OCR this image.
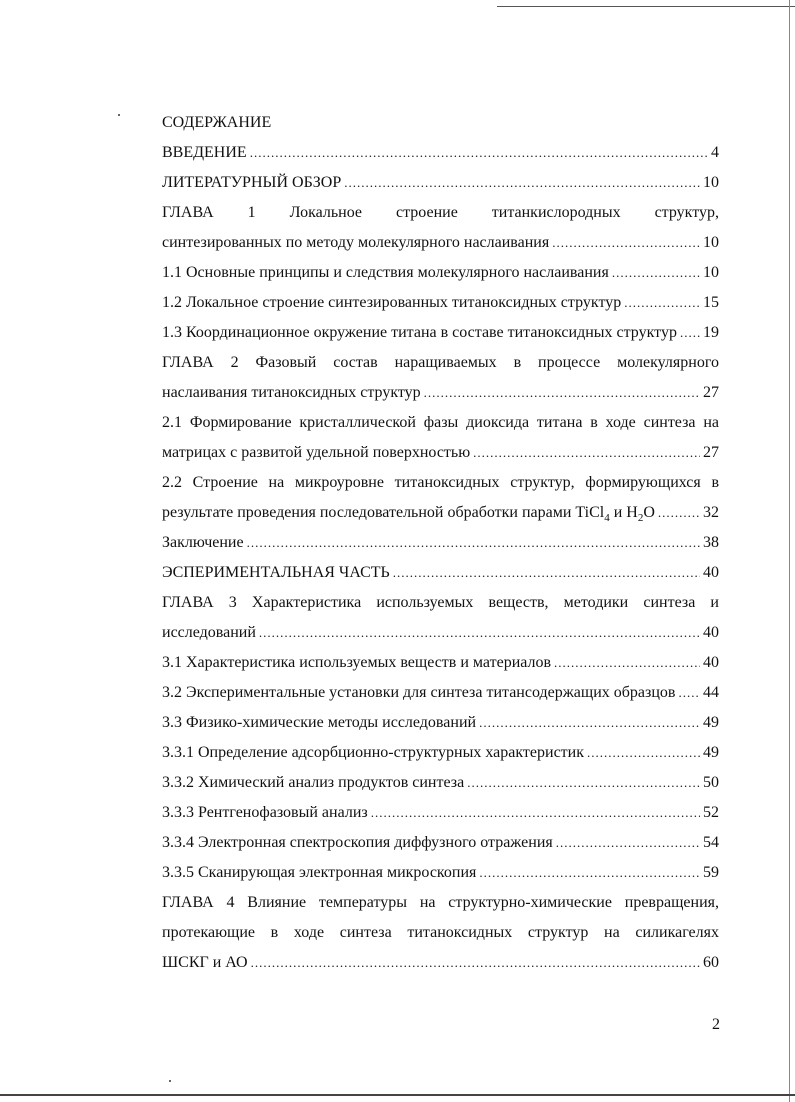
СОДЕРЖАНИЕ
ВВЕДЕНИЕ .....	4
ЛИТЕРАТУРНЫЙ ОБЗОР .....	10
ГЛАВА 1 Локальное строение титанкислородных структур,
синтезированных по методу молекулярного наслаивания .....	10
1.1 Основные принципы и следствия молекулярного наслаивания .....	10
1.2 Локальное строение синтезированных титаноксидных структур .....	15
1.3 Координационное окружение титана в составе титаноксидных структур ..... 19
ГЛАВА 2 Фазовый состав наращиваемых в процессе молекулярного
наслаивания титаноксидных структур .....	27
2.1 Формирование кристаллической фазы диоксида титана в ходе синтеза на
матрицах с развитой удельной поверхностью .....	27
2.2 Строение на микроуровне титаноксидных структур, формирующихся в
результате проведения последовательной обработки парами TiCl$_4$ и $H_2O$ .....	32
Заключение .....	38
ЭСПЕРИМЕНТАЛЬНАЯ ЧАСТЬ .....	40
ГЛАВА 3 Характеристика используемых веществ, методики синтеза и
исследований .....	40
3.1 Характеристика используемых веществ и материалов .....	40
3.2 Экспериментальные установки для синтеза титансодержащих образцов ..... 44
3.3 Физико-химические методы исследований .....	49
3.3.1 Определение адсорбционно-структурных характеристик .....	49
3.3.2 Химический анализ продуктов синтеза .....	50
3.3.3 Рентгенофазовый анализ .....	52
3.3.4 Электронная спектроскопия диффузного отражения .....	54
3.3.5 Сканирующая электронная микроскопия .....	59
ГЛАВА 4 Влияние температуры на структурно-химические превращения,
протекающие в ходе синтеза титаноксидных структур на силикагелях
ШСКГ и АО .....	60
2
